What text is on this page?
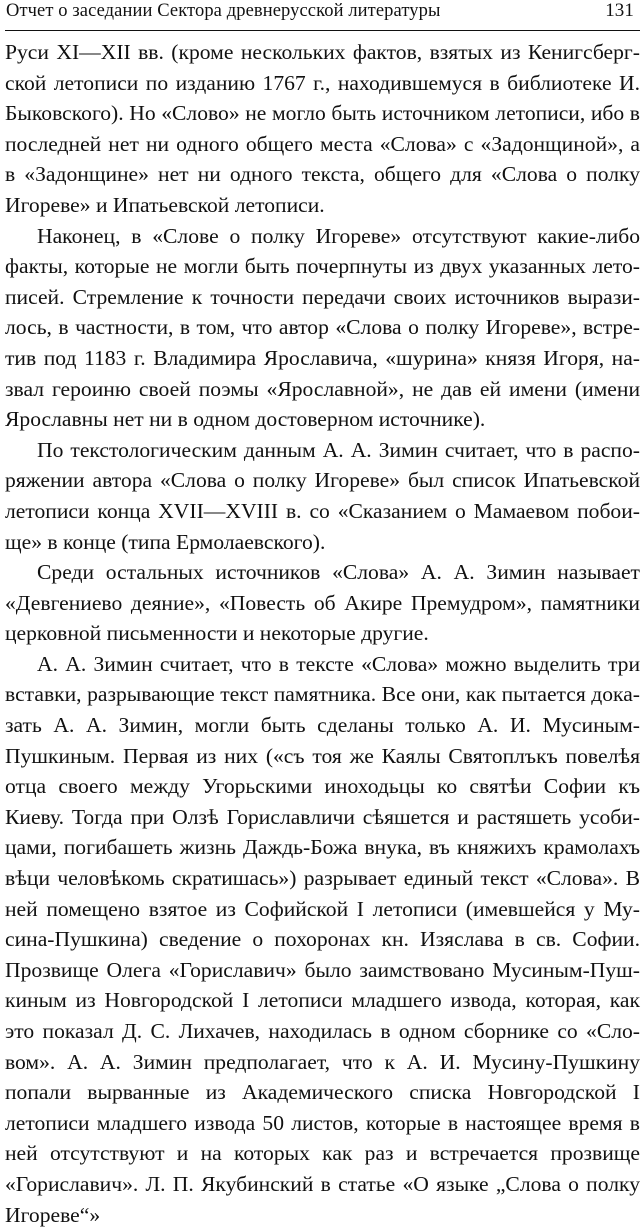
Отчет о заседании Сектора древнерусской литературы	131

Руси XI—XII вв. (кроме нескольких фактов, взятых из Кенигсбергской летописи по изданию 1767 г., находившемуся в библиотеке И. Быковского). Но «Слово» не могло быть источником летописи, ибо в последней нет ни одного общего места «Слова» с «Задонщиной», а в «Задонщине» нет ни одного текста, общего для «Слова о полку Игореве» и Ипатьевской летописи.

Наконец, в «Слове о полку Игореве» отсутствуют какие-либо факты, которые не могли быть почерпнуты из двух указанных летописей. Стремление к точности передачи своих источников выразилось, в частности, в том, что автор «Слова о полку Игореве», встретив под 1183 г. Владимира Ярославича, «шурина» князя Игоря, назвал героиню своей поэмы «Ярославной», не дав ей имени (имени Ярославны нет ни в одном достоверном источнике).

По текстологическим данным А. А. Зимин считает, что в распоряжении автора «Слова о полку Игореве» был список Ипатьевской летописи конца XVII—XVIII в. со «Сказанием о Мамаевом побоище» в конце (типа Ермолаевского).

Среди остальных источников «Слова» А. А. Зимин называет «Девгениево деяние», «Повесть об Акире Премудром», памятники церковной письменности и некоторые другие.

А. А. Зимин считает, что в тексте «Слова» можно выделить три вставки, разрывающие текст памятника. Все они, как пытается доказать А. А. Зимин, могли быть сделаны только А. И. Мусиным-Пушкиным. Первая из них («съ тоя же Каялы Святоплъкъ повелѣя отца своего между Угорьскими иноходьцы ко святѣи Софии къ Киеву. Тогда при Олзѣ Гориславличи сѣяшется и растяшеть усобицами, погибашеть жизнь Даждь-Божа внука, въ княжихъ крамолахъ вѣци человѣкомь скратишась») разрывает единый текст «Слова». В ней помещено взятое из Софийской I летописи (имевшейся у Мусина-Пушкина) сведение о похоронах кн. Изяслава в св. Софии. Прозвище Олега «Гориславич» было заимствовано Мусиным-Пушкиным из Новгородской I летописи младшего извода, которая, как это показал Д. С. Лихачев, находилась в одном сборнике со «Словом». А. А. Зимин предполагает, что к А. И. Мусину-Пушкину попали вырванные из Академического списка Новгородской I летописи младшего извода 50 листов, которые в настоящее время в ней отсутствуют и на которых как раз и встречается прозвище «Гориславич». Л. П. Якубинский в статье «О языке „Слова о полку Игореве“»
